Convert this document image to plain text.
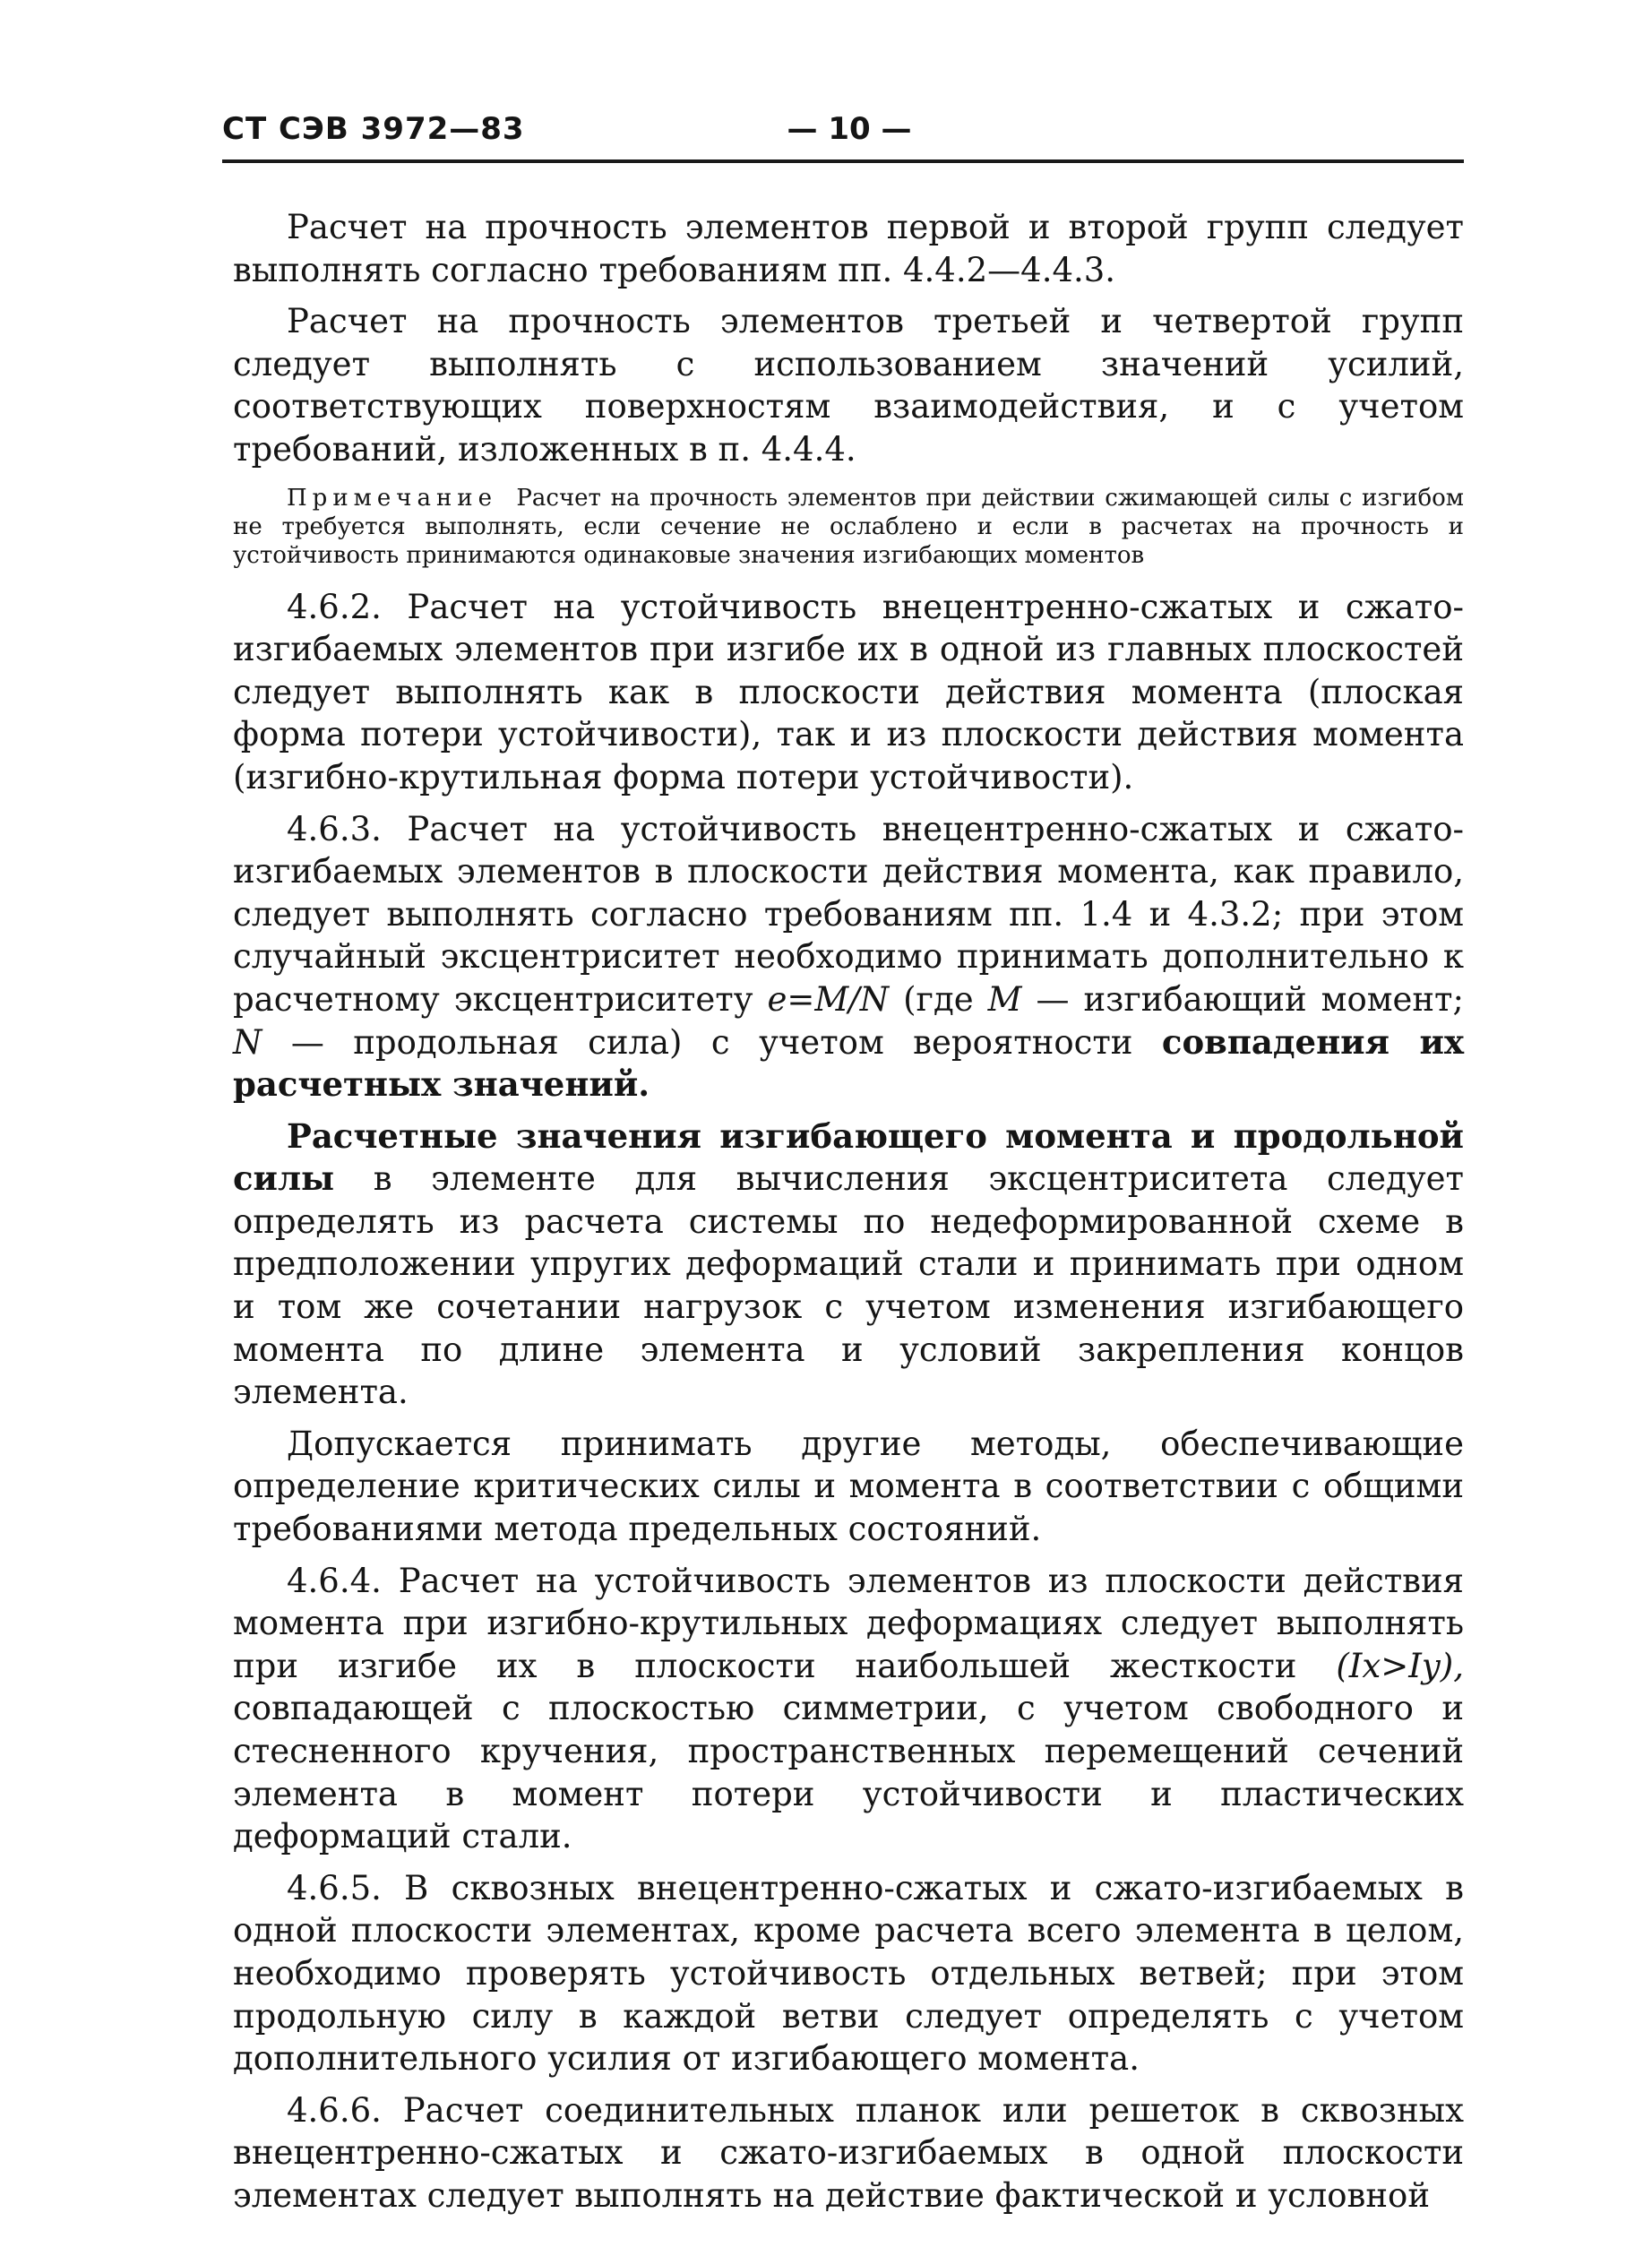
СТ СЭВ 3972—83	— 10 —

Расчет на прочность элементов первой и второй групп следует выполнять согласно требованиям пп. 4.4.2—4.4.3.

Расчет на прочность элементов третьей и четвертой групп следует выполнять с использованием значений усилий, соответствующих поверхностям взаимодействия, и с учетом требований, изложенных в п. 4.4.4.

Примечание Расчет на прочность элементов при действии сжимающей силы с изгибом не требуется выполнять, если сечение не ослаблено и если в расчетах на прочность и устойчивость принимаются одинаковые значения изгибающих моментов

4.6.2. Расчет на устойчивость внецентренно-сжатых и сжато-изгибаемых элементов при изгибе их в одной из главных плоскостей следует выполнять как в плоскости действия момента (плоская форма потери устойчивости), так и из плоскости действия момента (изгибно-крутильная форма потери устойчивости).

4.6.3. Расчет на устойчивость внецентренно-сжатых и сжато-изгибаемых элементов в плоскости действия момента, как правило, следует выполнять согласно требованиям пп. 1.4 и 4.3.2; при этом случайный эксцентриситет необходимо принимать дополнительно к расчетному эксцентриситету e=M/N (где M — изгибающий момент; N — продольная сила) с учетом вероятности совпадения их расчетных значений.

Расчетные значения изгибающего момента и продольной силы в элементе для вычисления эксцентриситета следует определять из расчета системы по недеформированной схеме в предположении упругих деформаций стали и принимать при одном и том же сочетании нагрузок с учетом изменения изгибающего момента по длине элемента и условий закрепления концов элемента.

Допускается принимать другие методы, обеспечивающие определение критических силы и момента в соответствии с общими требованиями метода предельных состояний.

4.6.4. Расчет на устойчивость элементов из плоскости действия момента при изгибно-крутильных деформациях следует выполнять при изгибе их в плоскости наибольшей жесткости (Ix>Iy), совпадающей с плоскостью симметрии, с учетом свободного и стесненного кручения, пространственных перемещений сечений элемента в момент потери устойчивости и пластических деформаций стали.

4.6.5. В сквозных внецентренно-сжатых и сжато-изгибаемых в одной плоскости элементах, кроме расчета всего элемента в целом, необходимо проверять устойчивость отдельных ветвей; при этом продольную силу в каждой ветви следует определять с учетом дополнительного усилия от изгибающего момента.

4.6.6. Расчет соединительных планок или решеток в сквозных внецентренно-сжатых и сжато-изгибаемых в одной плоскости элементах следует выполнять на действие фактической и условной
